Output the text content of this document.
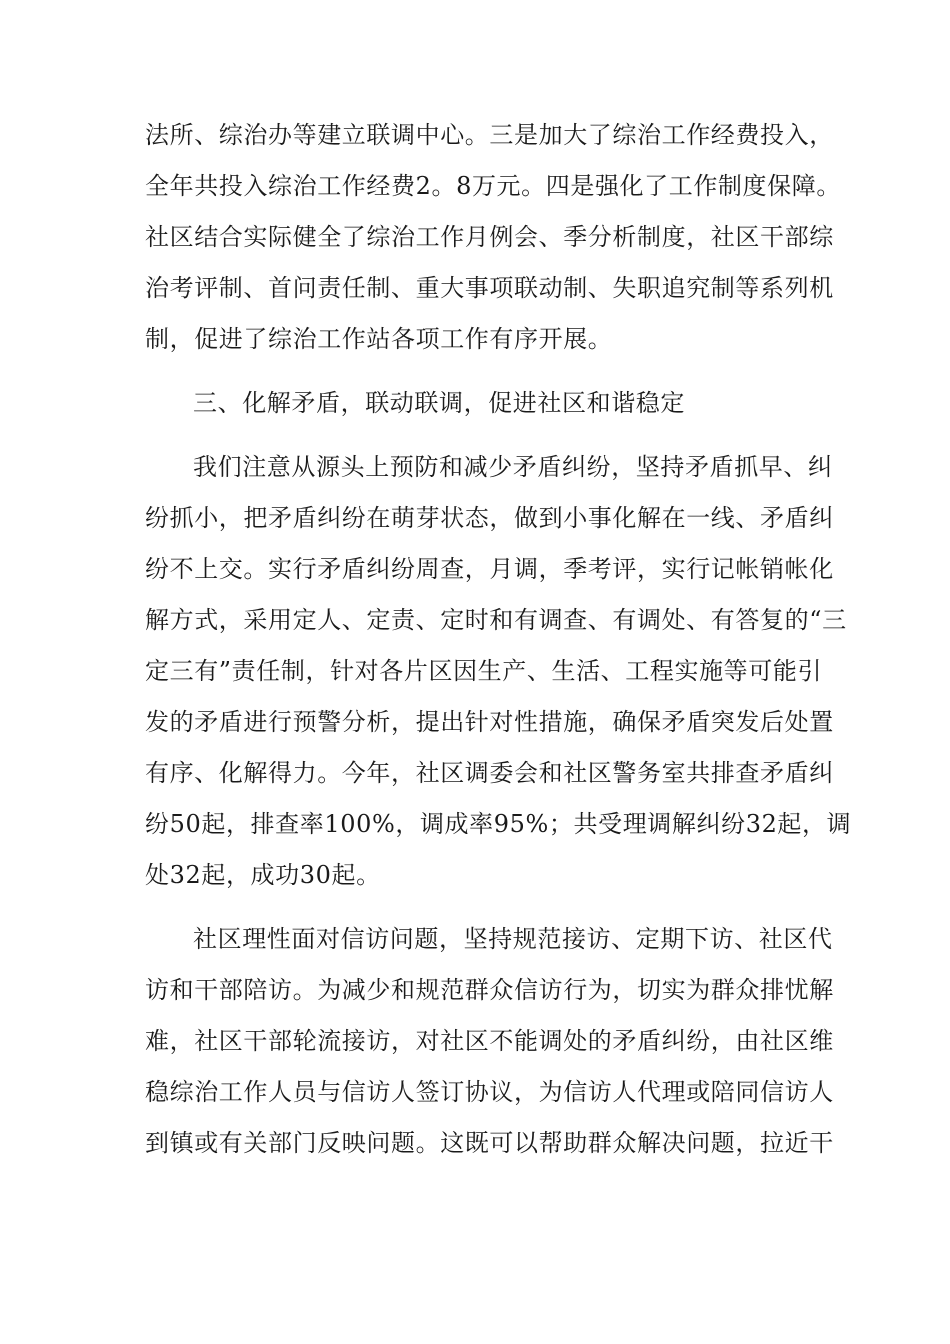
法所、综治办等建立联调中心。三是加大了综治工作经费投入，
全年共投入综治工作经费2。8万元。四是强化了工作制度保障。
社区结合实际健全了综治工作月例会、季分析制度，社区干部综
治考评制、首问责任制、重大事项联动制、失职追究制等系列机
制，促进了综治工作站各项工作有序开展。
三、化解矛盾，联动联调，促进社区和谐稳定
我们注意从源头上预防和减少矛盾纠纷，坚持矛盾抓早、纠
纷抓小，把矛盾纠纷在萌芽状态，做到小事化解在一线、矛盾纠
纷不上交。实行矛盾纠纷周查，月调，季考评，实行记帐销帐化
解方式，采用定人、定责、定时和有调查、有调处、有答复的“三
定三有”责任制，针对各片区因生产、生活、工程实施等可能引
发的矛盾进行预警分析，提出针对性措施，确保矛盾突发后处置
有序、化解得力。今年，社区调委会和社区警务室共排查矛盾纠
纷50起，排查率100%，调成率95%；共受理调解纠纷32起，调
处32起，成功30起。
社区理性面对信访问题，坚持规范接访、定期下访、社区代
访和干部陪访。为减少和规范群众信访行为，切实为群众排忧解
难，社区干部轮流接访，对社区不能调处的矛盾纠纷，由社区维
稳综治工作人员与信访人签订协议，为信访人代理或陪同信访人
到镇或有关部门反映问题。这既可以帮助群众解决问题，拉近干
